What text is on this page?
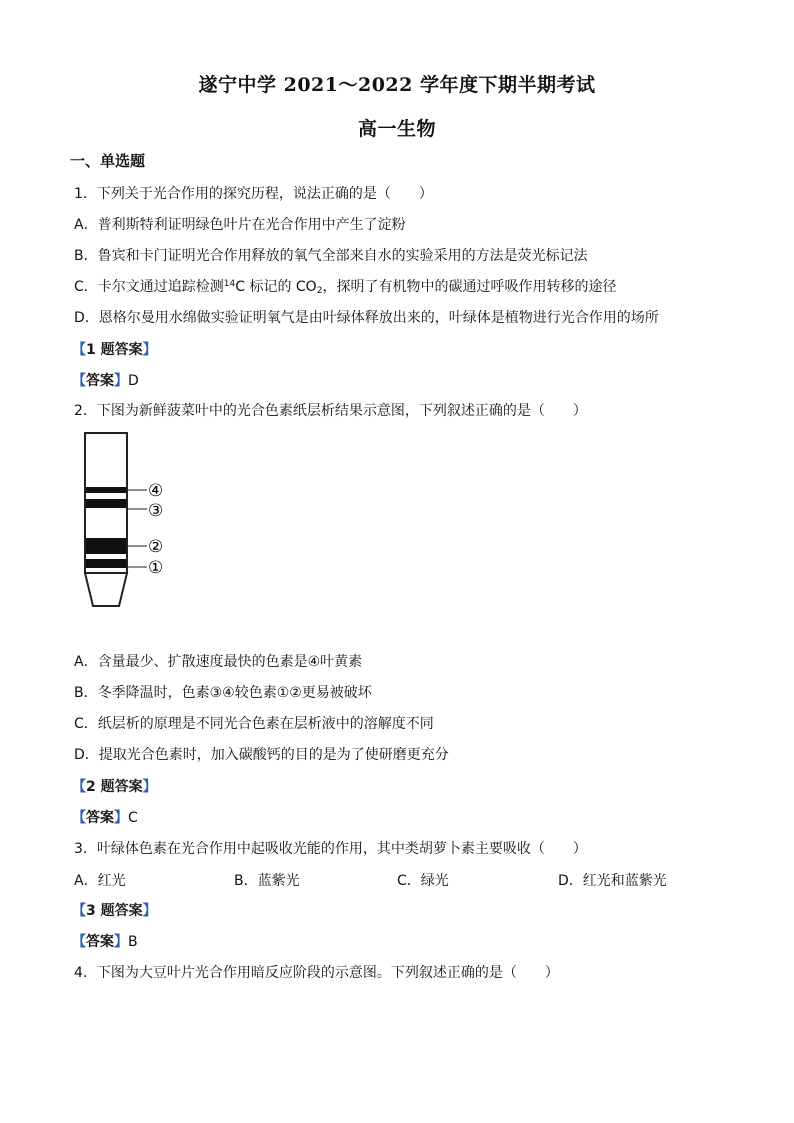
遂宁中学 2021～2022 学年度下期半期考试
高一生物
一、单选题
1．下列关于光合作用的探究历程，说法正确的是（　　）
A．普利斯特利证明绿色叶片在光合作用中产生了淀粉
B．鲁宾和卡门证明光合作用释放的氧气全部来自水的实验采用的方法是荧光标记法
C．卡尔文通过追踪检测$^{14}$C 标记的 $CO_2$，探明了有机物中的碳通过呼吸作用转移的途径
D．恩格尔曼用水绵做实验证明氧气是由叶绿体释放出来的，叶绿体是植物进行光合作用的场所
【1 题答案】
【答案】D
2．下图为新鲜菠菜叶中的光合色素纸层析结果示意图，下列叙述正确的是（　　）
④
③
②
①
A．含量最少、扩散速度最快的色素是④叶黄素
B．冬季降温时，色素③④较色素①②更易被破坏
C．纸层析的原理是不同光合色素在层析液中的溶解度不同
D．提取光合色素时，加入碳酸钙的目的是为了使研磨更充分
【2 题答案】
【答案】C
3．叶绿体色素在光合作用中起吸收光能的作用，其中类胡萝卜素主要吸收（　　）
A．红光	B．蓝紫光	C．绿光	D．红光和蓝紫光
【3 题答案】
【答案】B
4．下图为大豆叶片光合作用暗反应阶段的示意图。下列叙述正确的是（　　）
